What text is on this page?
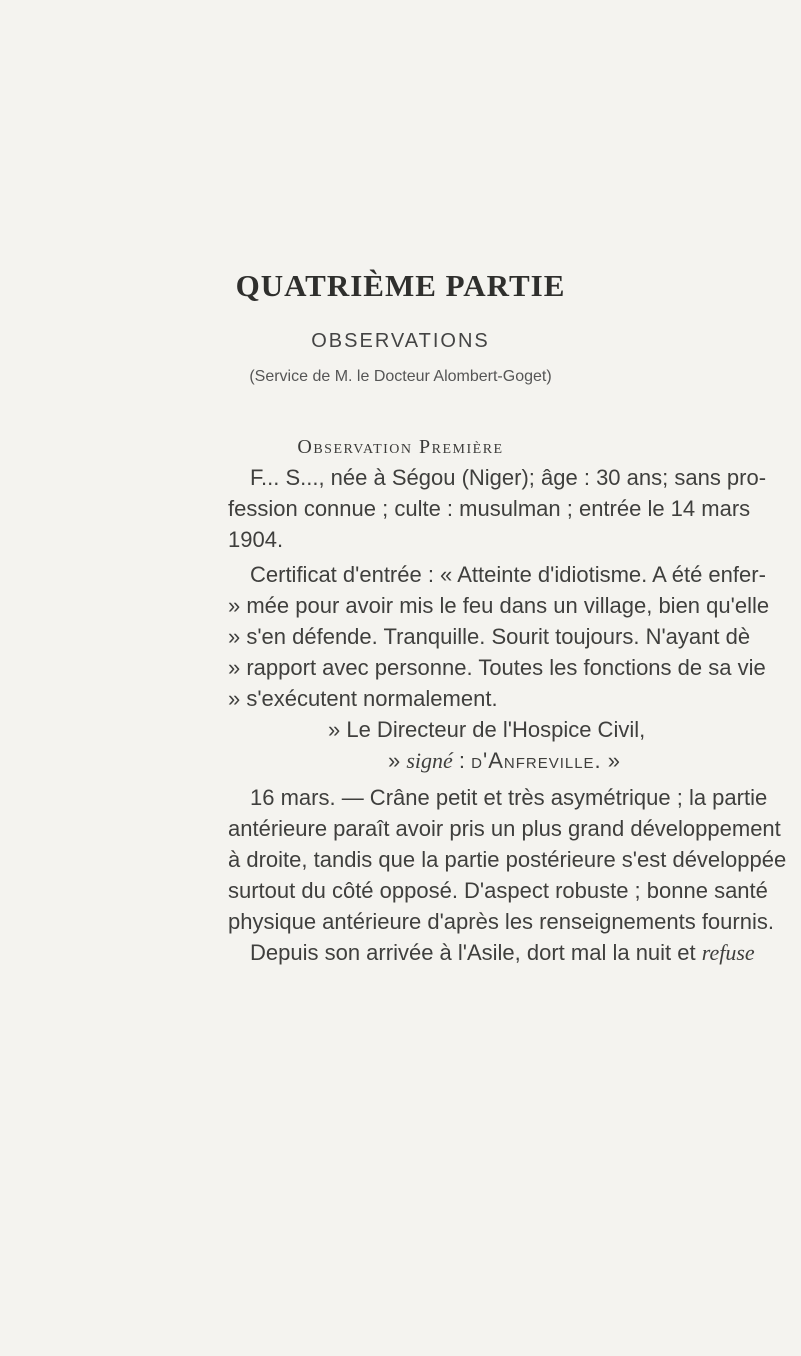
QUATRIÈME PARTIE
OBSERVATIONS
(Service de M. le Docteur Alombert-Goget)
Observation Première
F... S..., née à Ségou (Niger); âge : 30 ans; sans pro-
fession connue ; culte : musulman ; entrée le 14 mars
1904.
Certificat d'entrée : « Atteinte d'idiotisme. A été enfer-
» mée pour avoir mis le feu dans un village, bien qu'elle
» s'en défende. Tranquille. Sourit toujours. N'ayant dè
» rapport avec personne. Toutes les fonctions de sa vie
» s'exécutent normalement.
» Le Directeur de l'Hospice Civil,
» signé : d'Anfreville. »
16 mars. — Crâne petit et très asymétrique ; la partie
antérieure paraît avoir pris un plus grand développement
à droite, tandis que la partie postérieure s'est développée
surtout du côté opposé. D'aspect robuste ; bonne santé
physique antérieure d'après les renseignements fournis.
Depuis son arrivée à l'Asile, dort mal la nuit et refuse
